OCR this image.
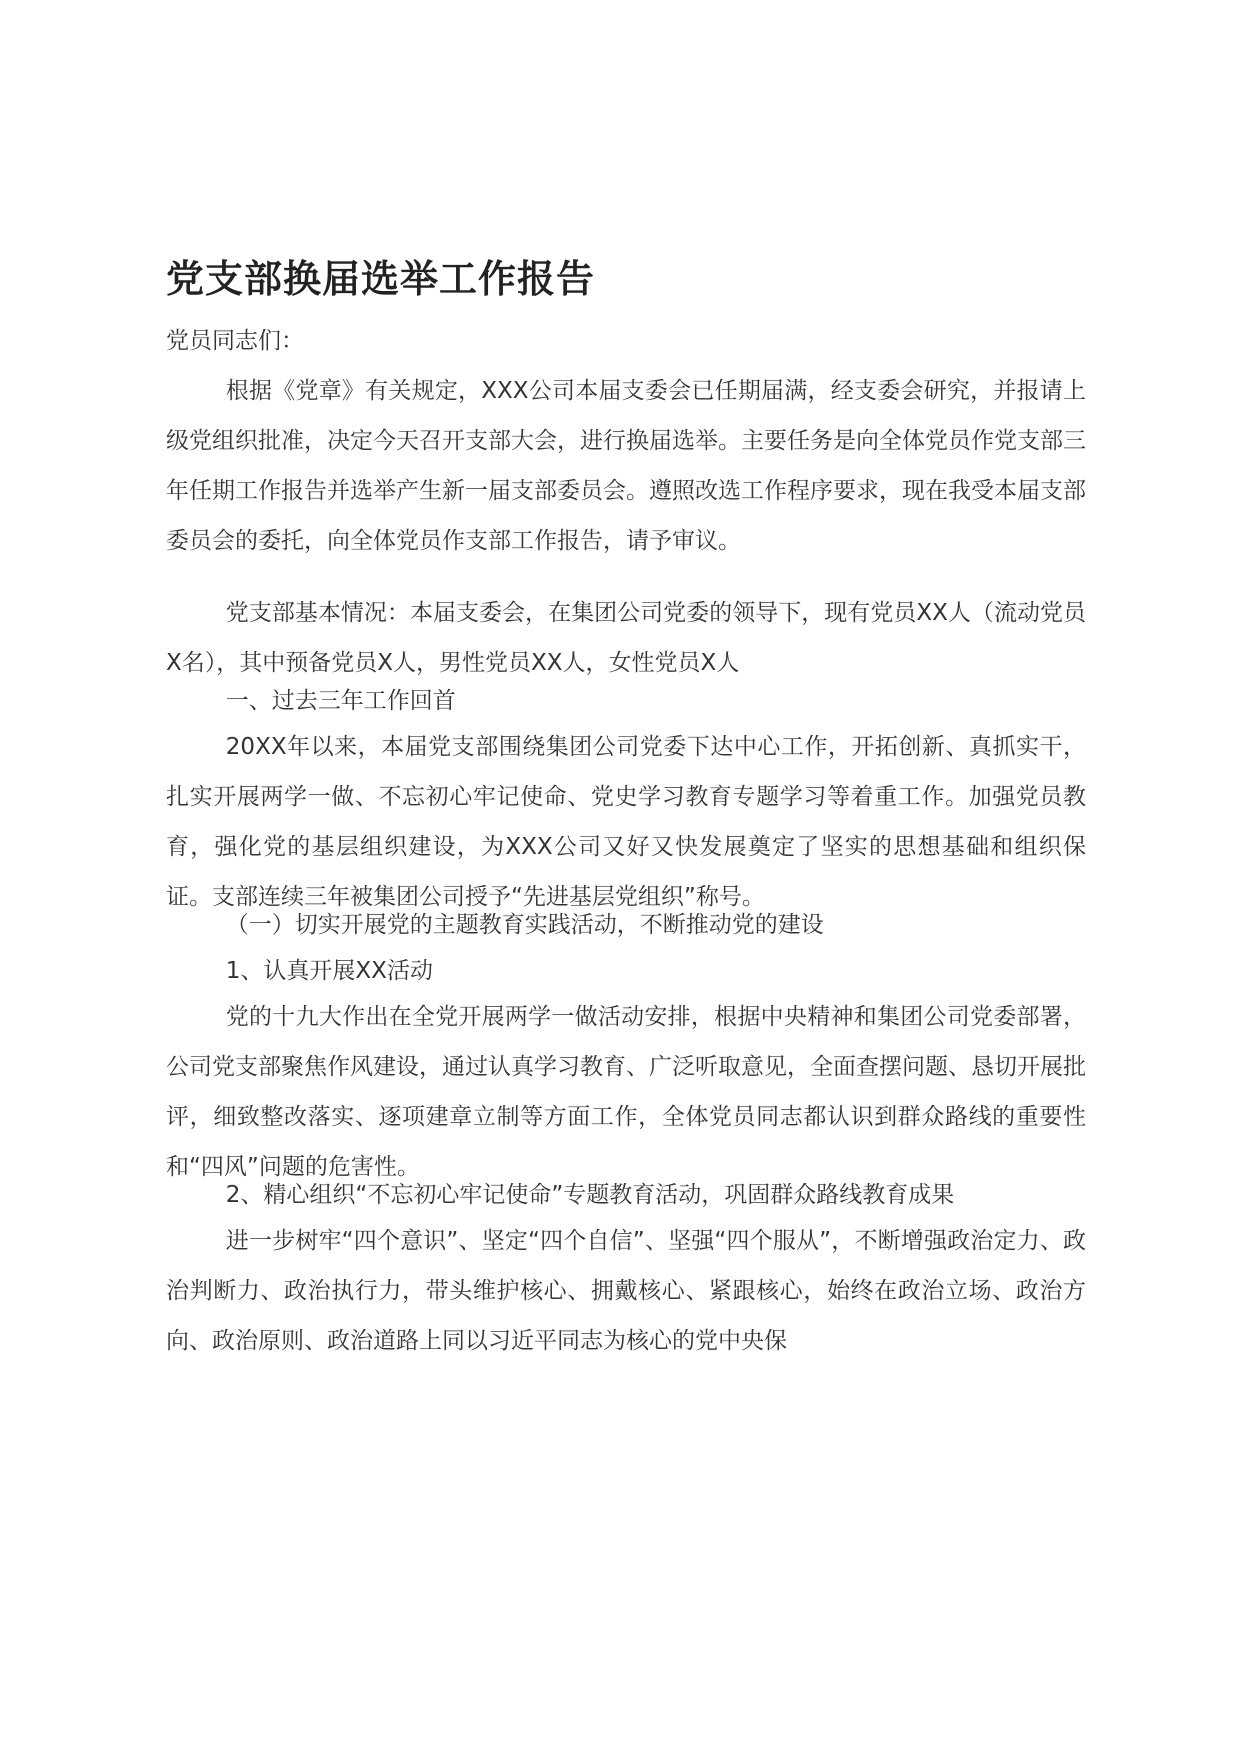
党支部换届选举工作报告
党员同志们：

根据《党章》有关规定，XXX公司本届支委会已任期届满，经支委会研究，并报请上级党组织批准，决定今天召开支部大会，进行换届选举。主要任务是向全体党员作党支部三年任期工作报告并选举产生新一届支部委员会。遵照改选工作程序要求，现在我受本届支部委员会的委托，向全体党员作支部工作报告，请予审议。

党支部基本情况：本届支委会，在集团公司党委的领导下，现有党员XX人（流动党员X名），其中预备党员X人，男性党员XX人，女性党员X人

一、过去三年工作回首

20XX年以来，本届党支部围绕集团公司党委下达中心工作，开拓创新、真抓实干，扎实开展两学一做、不忘初心牢记使命、党史学习教育专题学习等着重工作。加强党员教育，强化党的基层组织建设，为XXX公司又好又快发展奠定了坚实的思想基础和组织保证。支部连续三年被集团公司授予“先进基层党组织”称号。

（一）切实开展党的主题教育实践活动，不断推动党的建设

1、认真开展XX活动

党的十九大作出在全党开展两学一做活动安排，根据中央精神和集团公司党委部署，公司党支部聚焦作风建设，通过认真学习教育、广泛听取意见，全面查摆问题、恳切开展批评，细致整改落实、逐项建章立制等方面工作，全体党员同志都认识到群众路线的重要性和“四风”问题的危害性。

2、精心组织“不忘初心牢记使命”专题教育活动，巩固群众路线教育成果

进一步树牢“四个意识”、坚定“四个自信”、坚强“四个服从”，不断增强政治定力、政治判断力、政治执行力，带头维护核心、拥戴核心、紧跟核心，始终在政治立场、政治方向、政治原则、政治道路上同以习近平同志为核心的党中央保
